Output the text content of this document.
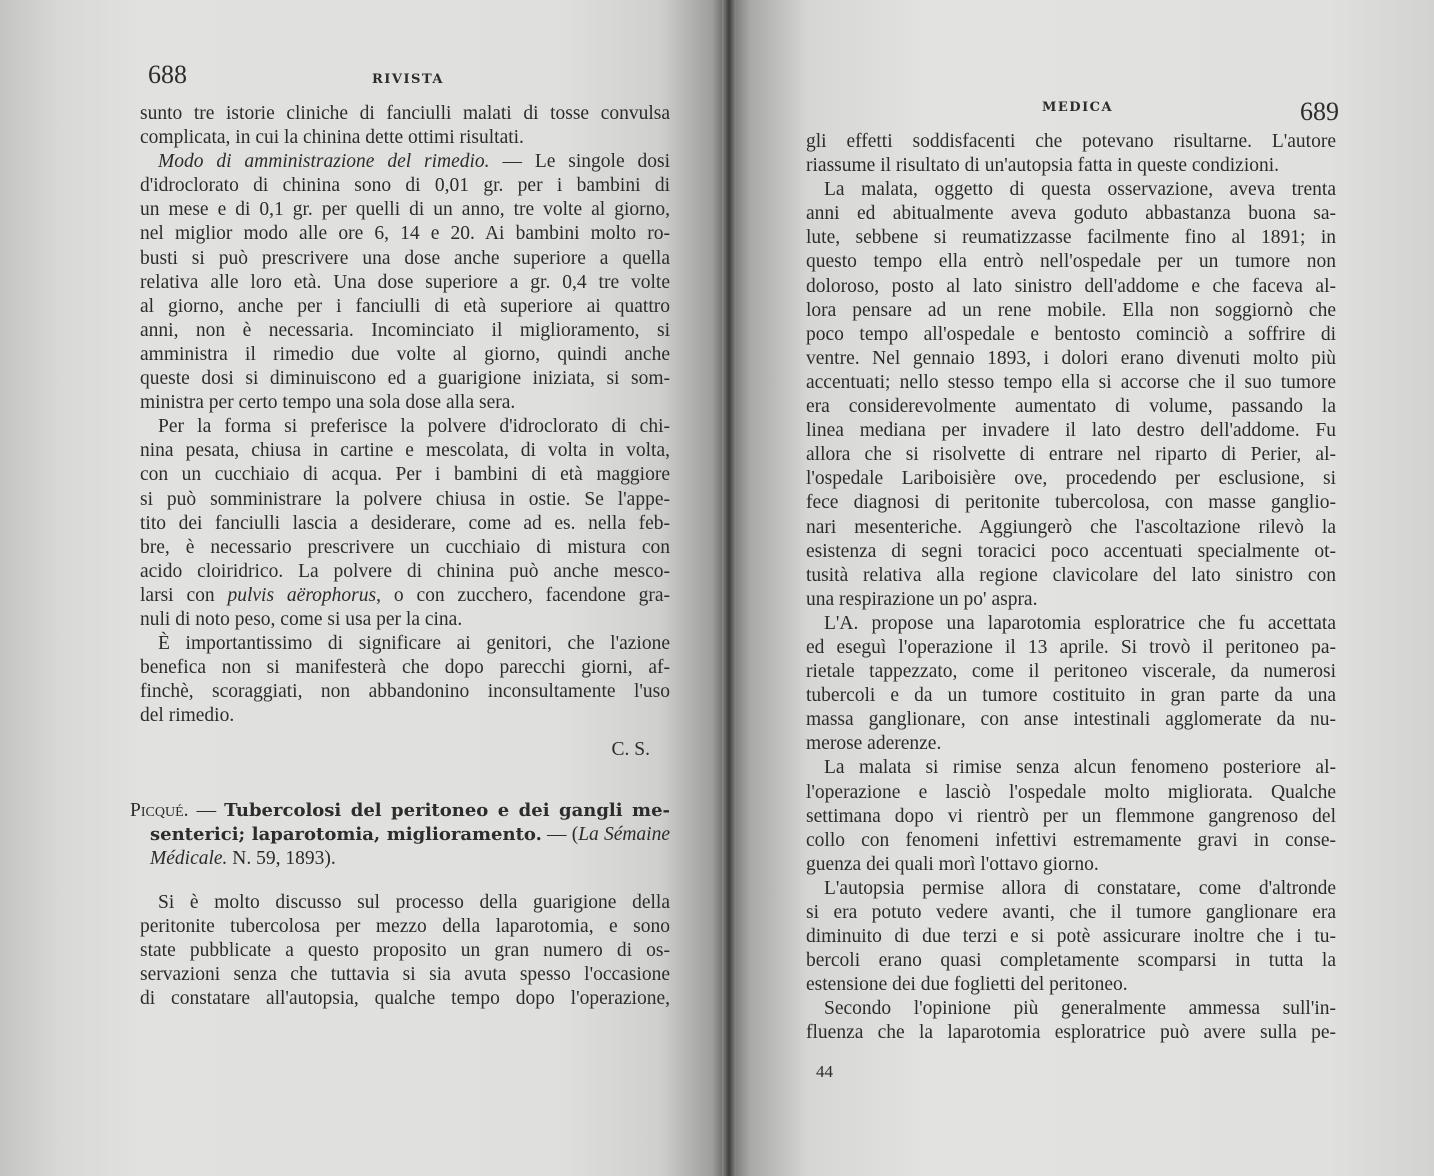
688	RIVISTA
sunto tre istorie cliniche di fanciulli malati di tosse convulsa
complicata, in cui la chinina dette ottimi risultati.
Modo di amministrazione del rimedio. — Le singole dosi
d'idroclorato di chinina sono di 0,01 gr. per i bambini di
un mese e di 0,1 gr. per quelli di un anno, tre volte al giorno,
nel miglior modo alle ore 6, 14 e 20. Ai bambini molto ro-
busti si può prescrivere una dose anche superiore a quella
relativa alle loro età. Una dose superiore a gr. 0,4 tre volte
al giorno, anche per i fanciulli di età superiore ai quattro
anni, non è necessaria. Incominciato il miglioramento, si
amministra il rimedio due volte al giorno, quindi anche
queste dosi si diminuiscono ed a guarigione iniziata, si som-
ministra per certo tempo una sola dose alla sera.
Per la forma si preferisce la polvere d'idroclorato di chi-
nina pesata, chiusa in cartine e mescolata, di volta in volta,
con un cucchiaio di acqua. Per i bambini di età maggiore
si può somministrare la polvere chiusa in ostie. Se l'appe-
tito dei fanciulli lascia a desiderare, come ad es. nella feb-
bre, è necessario prescrivere un cucchiaio di mistura con
acido cloiridrico. La polvere di chinina può anche mesco-
larsi con pulvis aërophorus, o con zucchero, facendone gra-
nuli di noto peso, come si usa per la cina.
È importantissimo di significare ai genitori, che l'azione
benefica non si manifesterà che dopo parecchi giorni, af-
finchè, scoraggiati, non abbandonino inconsultamente l'uso
del rimedio.
C. S.
Picqué. — Tubercolosi del peritoneo e dei gangli me-
senterici; laparotomia, miglioramento. — (La Sémaine
Médicale. N. 59, 1893).
Si è molto discusso sul processo della guarigione della
peritonite tubercolosa per mezzo della laparotomia, e sono
state pubblicate a questo proposito un gran numero di os-
servazioni senza che tuttavia si sia avuta spesso l'occasione
di constatare all'autopsia, qualche tempo dopo l'operazione,
MEDICA	689
gli effetti soddisfacenti che potevano risultarne. L'autore
riassume il risultato di un'autopsia fatta in queste condizioni.
La malata, oggetto di questa osservazione, aveva trenta
anni ed abitualmente aveva goduto abbastanza buona sa-
lute, sebbene si reumatizzasse facilmente fino al 1891; in
questo tempo ella entrò nell'ospedale per un tumore non
doloroso, posto al lato sinistro dell'addome e che faceva al-
lora pensare ad un rene mobile. Ella non soggiornò che
poco tempo all'ospedale e bentosto cominciò a soffrire di
ventre. Nel gennaio 1893, i dolori erano divenuti molto più
accentuati; nello stesso tempo ella si accorse che il suo tumore
era considerevolmente aumentato di volume, passando la
linea mediana per invadere il lato destro dell'addome. Fu
allora che si risolvette di entrare nel riparto di Perier, al-
l'ospedale Lariboisière ove, procedendo per esclusione, si
fece diagnosi di peritonite tubercolosa, con masse ganglio-
nari mesenteriche. Aggiungerò che l'ascoltazione rilevò la
esistenza di segni toracici poco accentuati specialmente ot-
tusità relativa alla regione clavicolare del lato sinistro con
una respirazione un po' aspra.
L'A. propose una laparotomia esploratrice che fu accettata
ed eseguì l'operazione il 13 aprile. Si trovò il peritoneo pa-
rietale tappezzato, come il peritoneo viscerale, da numerosi
tubercoli e da un tumore costituito in gran parte da una
massa ganglionare, con anse intestinali agglomerate da nu-
merose aderenze.
La malata si rimise senza alcun fenomeno posteriore al-
l'operazione e lasciò l'ospedale molto migliorata. Qualche
settimana dopo vi rientrò per un flemmone gangrenoso del
collo con fenomeni infettivi estremamente gravi in conse-
guenza dei quali morì l'ottavo giorno.
L'autopsia permise allora di constatare, come d'altronde
si era potuto vedere avanti, che il tumore ganglionare era
diminuito di due terzi e si potè assicurare inoltre che i tu-
bercoli erano quasi completamente scomparsi in tutta la
estensione dei due foglietti del peritoneo.
Secondo l'opinione più generalmente ammessa sull'in-
fluenza che la laparotomia esploratrice può avere sulla pe-
44
